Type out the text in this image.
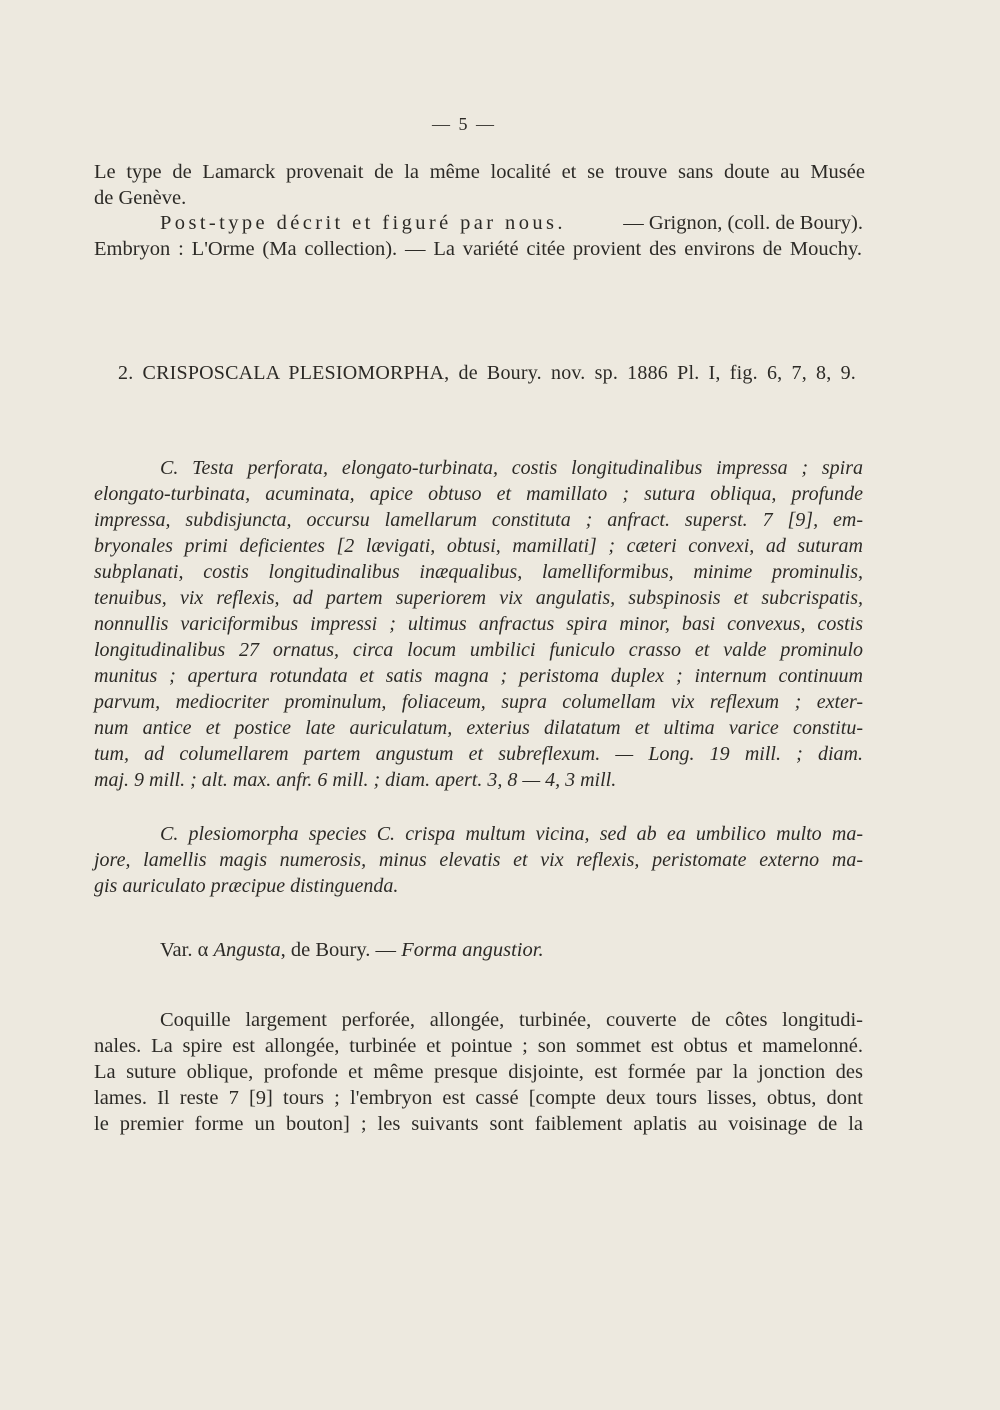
— 5 —
Le type de Lamarck provenait de la même localité et se trouve sans doute au Musée
de Genève.
Post-type décrit et figuré par nous.	— Grignon, (coll. de Boury).
Embryon : L'Orme (Ma collection). — La variété citée provient des environs de Mouchy.
2. CRISPOSCALA PLESIOMORPHA, de Boury. nov. sp. 1886 Pl. I, fig. 6, 7, 8, 9.
C. Testa perforata, elongato-turbinata, costis longitudinalibus impressa ; spira
elongato-turbinata, acuminata, apice obtuso et mamillato ; sutura obliqua, profunde
impressa, subdisjuncta, occursu lamellarum constituta ; anfract. superst. 7 [9], em-
bryonales primi deficientes [2 lævigati, obtusi, mamillati] ; cæteri convexi, ad suturam
subplanati, costis longitudinalibus inæqualibus, lamelliformibus, minime prominulis,
tenuibus, vix reflexis, ad partem superiorem vix angulatis, subspinosis et subcrispatis,
nonnullis variciformibus impressi ; ultimus anfractus spira minor, basi convexus, costis
longitudinalibus 27 ornatus, circa locum umbilici funiculo crasso et valde prominulo
munitus ; apertura rotundata et satis magna ; peristoma duplex ; internum continuum
parvum, mediocriter prominulum, foliaceum, supra columellam vix reflexum ; exter-
num antice et postice late auriculatum, exterius dilatatum et ultima varice constitu-
tum, ad columellarem partem angustum et subreflexum. — Long. 19 mill. ; diam.
maj. 9 mill. ; alt. max. anfr. 6 mill. ; diam. apert. 3, 8 — 4, 3 mill.
C. plesiomorpha species C. crispa multum vicina, sed ab ea umbilico multo ma-
jore, lamellis magis numerosis, minus elevatis et vix reflexis, peristomate externo ma-
gis auriculato præcipue distinguenda.
Var. α Angusta, de Boury. — Forma angustior.
Coquille largement perforée, allongée, turbinée, couverte de côtes longitudi-
nales. La spire est allongée, turbinée et pointue ; son sommet est obtus et mamelonné.
La suture oblique, profonde et même presque disjointe, est formée par la jonction des
lames. Il reste 7 [9] tours ; l'embryon est cassé [compte deux tours lisses, obtus, dont
le premier forme un bouton] ; les suivants sont faiblement aplatis au voisinage de la
